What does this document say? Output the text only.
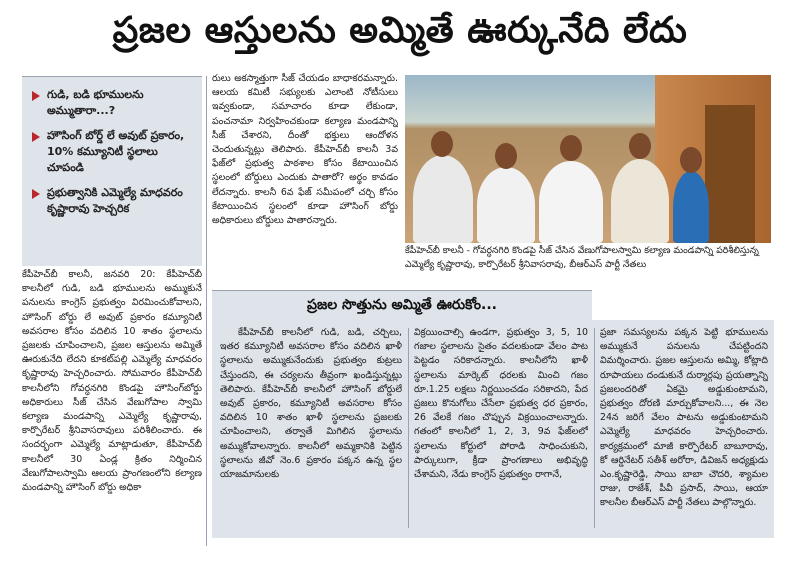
ప్రజల ఆస్తులను అమ్మితే ఊర్కునేది లేదు
గుడి, బడి భూములను అమ్ముతారా...?
హౌసింగ్ బోర్డ్ లే అవుట్ ప్రకారం, 10% కమ్యూనిటీ స్థలాలు చూపండి
ప్రభుత్వానికి ఎమ్మెల్యే మాధవరం కృష్ణారావు హెచ్చరిక

కేపీహెచ్‌బీ కాలనీ, జనవరి 20: కేపీహెచ్‌బీ కాలనీలో గుడి, బడి భూములను అమ్ముకునే పనులను కాంగ్రెస్ ప్రభుత్వం విరమించుకోవాలని, హౌసింగ్ బోర్డు లే అవుట్ ప్రకారం కమ్యూనిటీ అవసరాల కోసం వదిలిన 10 శాతం స్థలాలను ప్రజలకు చూపించాలని, ప్రజల ఆస్తులను అమ్మితే ఊరుకునేది లేదని కూకట్‌పల్లి ఎమ్మెల్యే మాధవరం కృష్ణారావు హెచ్చరించారు. సోమవారం కేపీహెచ్‌బీ కాలనీలోని గోవర్ధనగిరి కొండపై హౌసింగ్‌బోర్డు అధికారులు సీజ్ చేసిన వేణుగోపాల స్వామి కల్యాణ మండపాన్ని ఎమ్మెల్యే కృష్ణారావు, కార్పొరేటర్ శ్రీనివాసరావులు పరిశీలించారు. ఈ సందర్భంగా ఎమ్మెల్యే మాట్లాడుతూ, కేపీహెచ్‌బీ కాలనీలో 30 ఏండ్ల క్రితం నిర్మించిన వేణుగోపాలస్వామి ఆలయ ప్రాంగణంలోని కల్యాణ మండపాన్ని హౌసింగ్ బోర్డు అధికా

రులు అకస్మాత్తుగా సీజ్ చేయడం బాధాకరమన్నారు. ఆలయ కమిటీ సభ్యులకు ఎలాంటి నోటీసులు ఇవ్వకుండా, సమాచారం కూడా లేకుండా, పంచనామా నిర్వహించకుండా కల్యాణ మండపాన్ని సీజ్ చేశారని, దీంతో భక్తులు ఆందోళన చెందుతున్నట్లు తెలిపారు. కేపీహెచ్‌బీ కాలనీ 3వ ఫేజ్‌లో ప్రభుత్వ పాఠశాల కోసం కేటాయించిన స్థలంలో బోర్డులు ఎందుకు పాతారో? అర్థం కావడం లేదన్నారు. కాలనీ 6వ ఫేజ్ సమీపంలో చర్చి కోసం కేటాయించిన స్థలంలో కూడా హౌసింగ్ బోర్డు అధికారులు బోర్డులు పాతారన్నారు.

కేపీహెచ్‌బీ కాలనీ - గోవర్ధనగిరి కొండపై సీజ్ చేసిన వేణుగోపాలస్వామి కల్యాణ మండపాన్ని పరిశీలిస్తున్న ఎమ్మెల్యే కృష్ణారావు, కార్పొరేటర్ శ్రీనివాసరావు, బీఆర్ఎస్ పార్టీ నేతలు
ప్రజల సొత్తును అమ్మితే ఊరుకోం...

కేపీహెచ్‌బీ కాలనీలో గుడి, బడి, చర్చిలు, ఇతర కమ్యూనిటీ అవసరాల కోసం వదిలిన ఖాళీ స్థలాలను అమ్ముకునేందుకు ప్రభుత్వం కుట్రలు చేస్తుందని, ఈ చర్యలను తీవ్రంగా ఖండిస్తున్నట్లు తెలిపారు. కేపీహెచ్‌బీ కాలనీలో హౌసింగ్ బోర్డులే అవుట్ ప్రకారం, కమ్యూనిటీ అవసరాల కోసం వదిలిన 10 శాతం ఖాళీ స్థలాలను ప్రజలకు చూపించాలని, తర్వాతే మిగిలిన స్థలాలను అమ్ముకోవాలన్నారు. కాలనీలో అమ్మకానికి పెట్టిన స్థలాలను జీవో నెం.6 ప్రకారం పక్కన ఉన్న స్థల యాజమానులకు

విక్రయించాల్సి ఉండగా, ప్రభుత్వం 3, 5, 10 గజాల స్థలాలను సైతం వదలకుండా వేలం పాట పెట్టడం సరికాదన్నారు. కాలనీలోని ఖాళీ స్థలాలను మార్కెట్ ధరలకు మించి గజం రూ.1.25 లక్షలు నిర్ణయించడం సరికాదని, పేద ప్రజలు కొనుగోలు చేసేలా ప్రభుత్వ ధర ప్రకారం, 26 వేలకే గజం చొప్పున విక్రయించాలన్నారు. గతంలో కాలనీలో 1, 2, 3, 9వ ఫేజ్‌లలో స్థలాలను కోర్టులో పోరాడి సాధించుకుని, పార్కులుగా, క్రీడా ప్రాంగణాలు అభివృద్ధి చేశామని, నేడు కాంగ్రెస్ ప్రభుత్వం రాగానే,

ప్రజా సమస్యలను పక్కన పెట్టి భూములను అమ్ముకునే పనులను చేపట్టిందని విమర్శించారు. ప్రజల ఆస్తులను అమ్మి, కోట్లాది రూపాయలు దండుకునే దుర్మార్గపు ప్రయత్నాన్ని ప్రజలందరితో ఏకమై అడ్డుకుంటామని, ప్రభుత్వం దోరణి మార్చుకోవాలని..., ఈ నెల 24న జరిగే వేలం పాటను అడ్డుకుంటామని ఎమ్మెల్యే మాధవరం హెచ్చరించారు. కార్యక్రమంలో మాజీ కార్పొరేటర్ బాబూరావు, కో ఆర్డినేటర్ సతీశ్ అరోరా, డివిజన్ అధ్యక్షుడు ఎం.కృష్ణారెడ్డి, సాయి బాబా చౌదరి, శ్యామల రాజు, రాజేశ్, పీవీ ప్రసాద్, సాయి, ఆయా కాలనీల బీఆర్ఎస్ పార్టీ నేతలు పాల్గొన్నారు.
